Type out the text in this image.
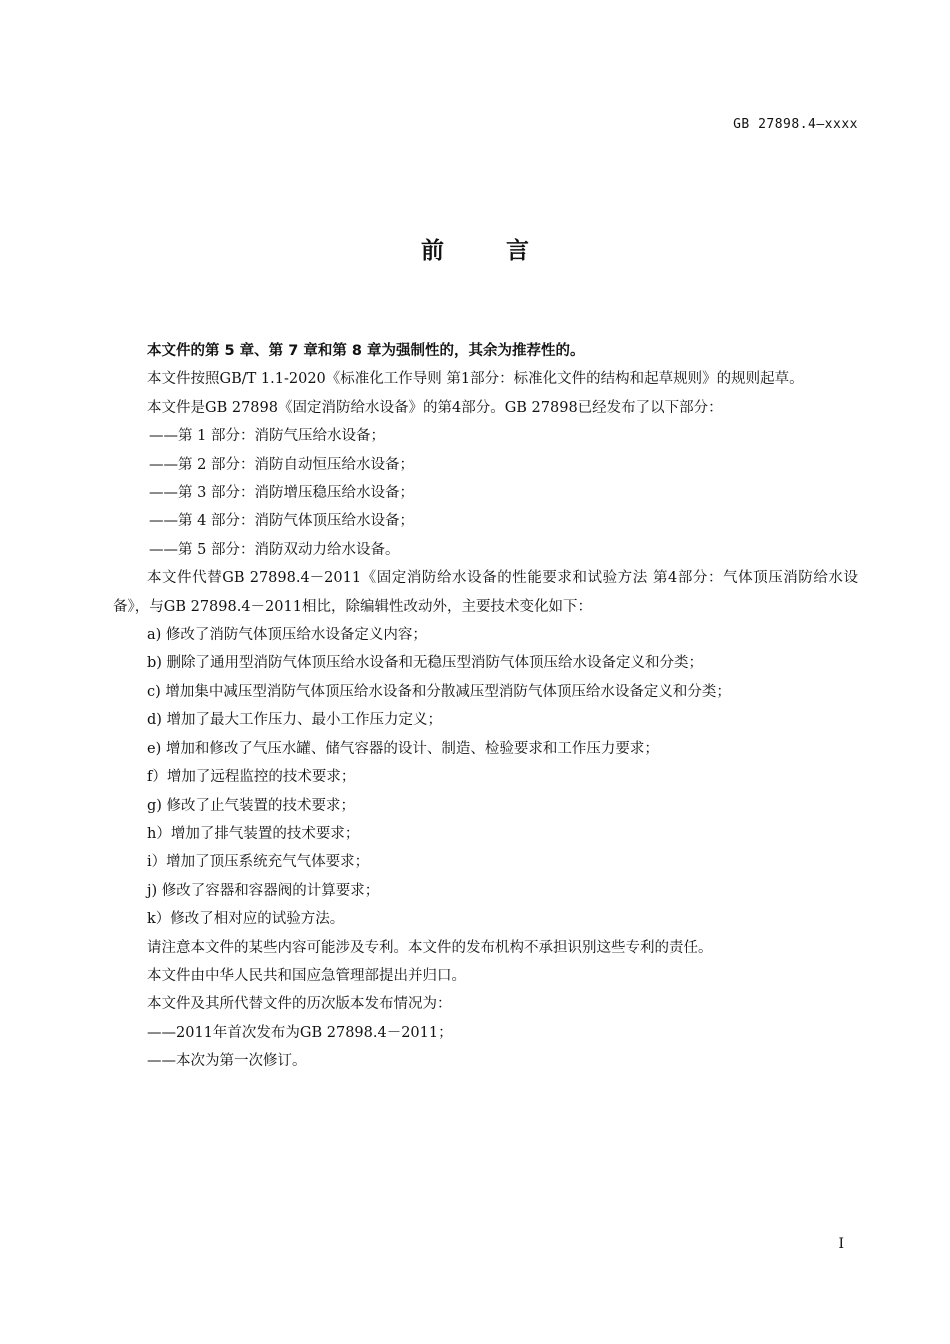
GB 27898.4—xxxx
前言

本文件的第 5 章、第 7 章和第 8 章为强制性的，其余为推荐性的。

本文件按照GB/T 1.1-2020《标准化工作导则 第1部分：标准化文件的结构和起草规则》的规则起草。

本文件是GB 27898《固定消防给水设备》的第4部分。GB 27898已经发布了以下部分：

——第 1 部分：消防气压给水设备；

——第 2 部分：消防自动恒压给水设备；

——第 3 部分：消防增压稳压给水设备；

——第 4 部分：消防气体顶压给水设备；

——第 5 部分：消防双动力给水设备。

本文件代替GB 27898.4－2011《固定消防给水设备的性能要求和试验方法 第4部分：气体顶压消防给水设备》，与GB 27898.4－2011相比，除编辑性改动外，主要技术变化如下：

a) 修改了消防气体顶压给水设备定义内容；

b) 删除了通用型消防气体顶压给水设备和无稳压型消防气体顶压给水设备定义和分类；

c) 增加集中减压型消防气体顶压给水设备和分散减压型消防气体顶压给水设备定义和分类；

d) 增加了最大工作压力、最小工作压力定义；

e) 增加和修改了气压水罐、储气容器的设计、制造、检验要求和工作压力要求；

f）增加了远程监控的技术要求；

g) 修改了止气装置的技术要求；

h）增加了排气装置的技术要求；

i）增加了顶压系统充气气体要求；

j) 修改了容器和容器阀的计算要求；

k）修改了相对应的试验方法。

请注意本文件的某些内容可能涉及专利。本文件的发布机构不承担识别这些专利的责任。

本文件由中华人民共和国应急管理部提出并归口。

本文件及其所代替文件的历次版本发布情况为：

——2011年首次发布为GB 27898.4－2011；

——本次为第一次修订。

I
